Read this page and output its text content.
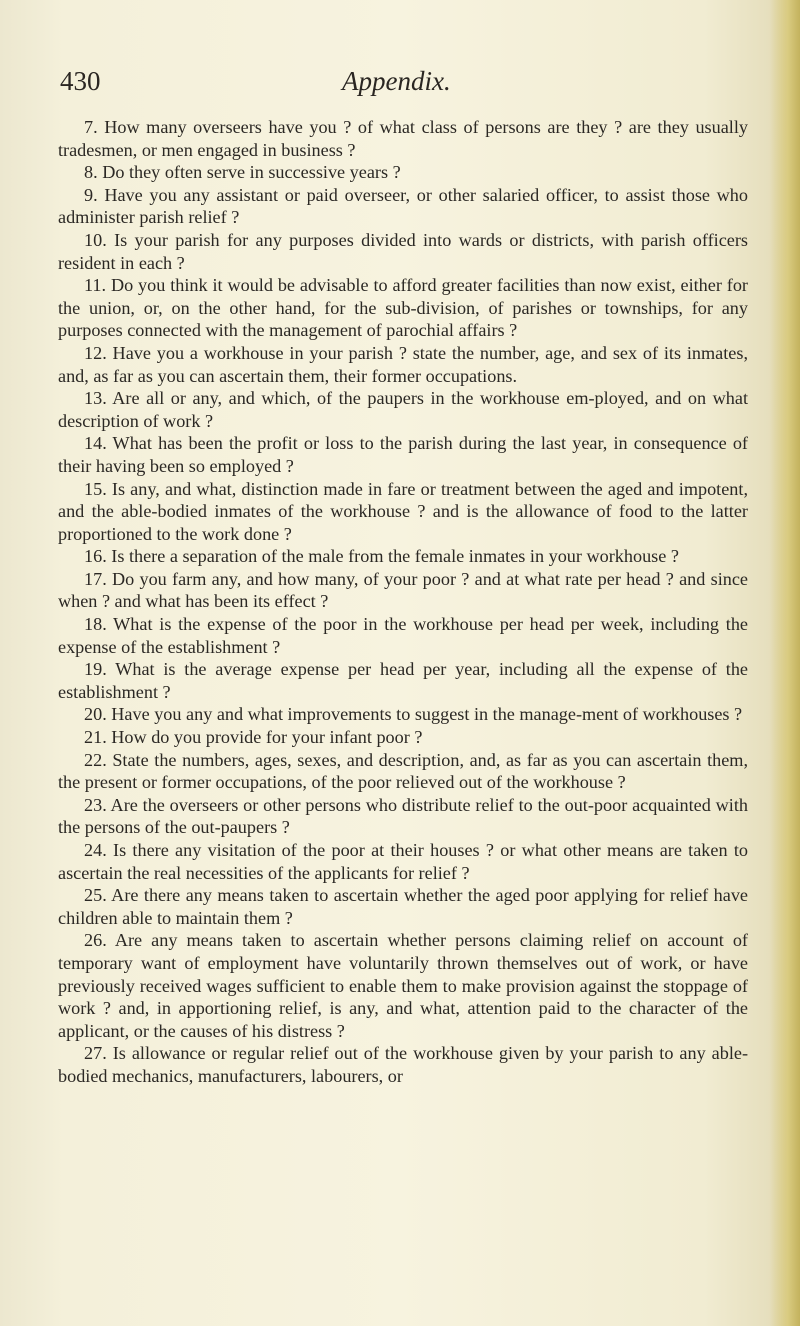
430	Appendix.

7. How many overseers have you ? of what class of persons are they ? are they usually tradesmen, or men engaged in business ?

8. Do they often serve in successive years ?

9. Have you any assistant or paid overseer, or other salaried officer, to assist those who administer parish relief ?

10. Is your parish for any purposes divided into wards or districts, with parish officers resident in each ?

11. Do you think it would be advisable to afford greater facilities than now exist, either for the union, or, on the other hand, for the sub-division, of parishes or townships, for any purposes connected with the management of parochial affairs ?

12. Have you a workhouse in your parish ? state the number, age, and sex of its inmates, and, as far as you can ascertain them, their former occupations.

13. Are all or any, and which, of the paupers in the workhouse em-ployed, and on what description of work ?

14. What has been the profit or loss to the parish during the last year, in consequence of their having been so employed ?

15. Is any, and what, distinction made in fare or treatment between the aged and impotent, and the able-bodied inmates of the workhouse ? and is the allowance of food to the latter proportioned to the work done ?

16. Is there a separation of the male from the female inmates in your workhouse ?

17. Do you farm any, and how many, of your poor ? and at what rate per head ? and since when ? and what has been its effect ?

18. What is the expense of the poor in the workhouse per head per week, including the expense of the establishment ?

19. What is the average expense per head per year, including all the expense of the establishment ?

20. Have you any and what improvements to suggest in the manage-ment of workhouses ?

21. How do you provide for your infant poor ?

22. State the numbers, ages, sexes, and description, and, as far as you can ascertain them, the present or former occupations, of the poor relieved out of the workhouse ?

23. Are the overseers or other persons who distribute relief to the out-poor acquainted with the persons of the out-paupers ?

24. Is there any visitation of the poor at their houses ? or what other means are taken to ascertain the real necessities of the applicants for relief ?

25. Are there any means taken to ascertain whether the aged poor applying for relief have children able to maintain them ?

26. Are any means taken to ascertain whether persons claiming relief on account of temporary want of employment have voluntarily thrown themselves out of work, or have previously received wages sufficient to enable them to make provision against the stoppage of work ? and, in apportioning relief, is any, and what, attention paid to the character of the applicant, or the causes of his distress ?

27. Is allowance or regular relief out of the workhouse given by your parish to any able-bodied mechanics, manufacturers, labourers, or
